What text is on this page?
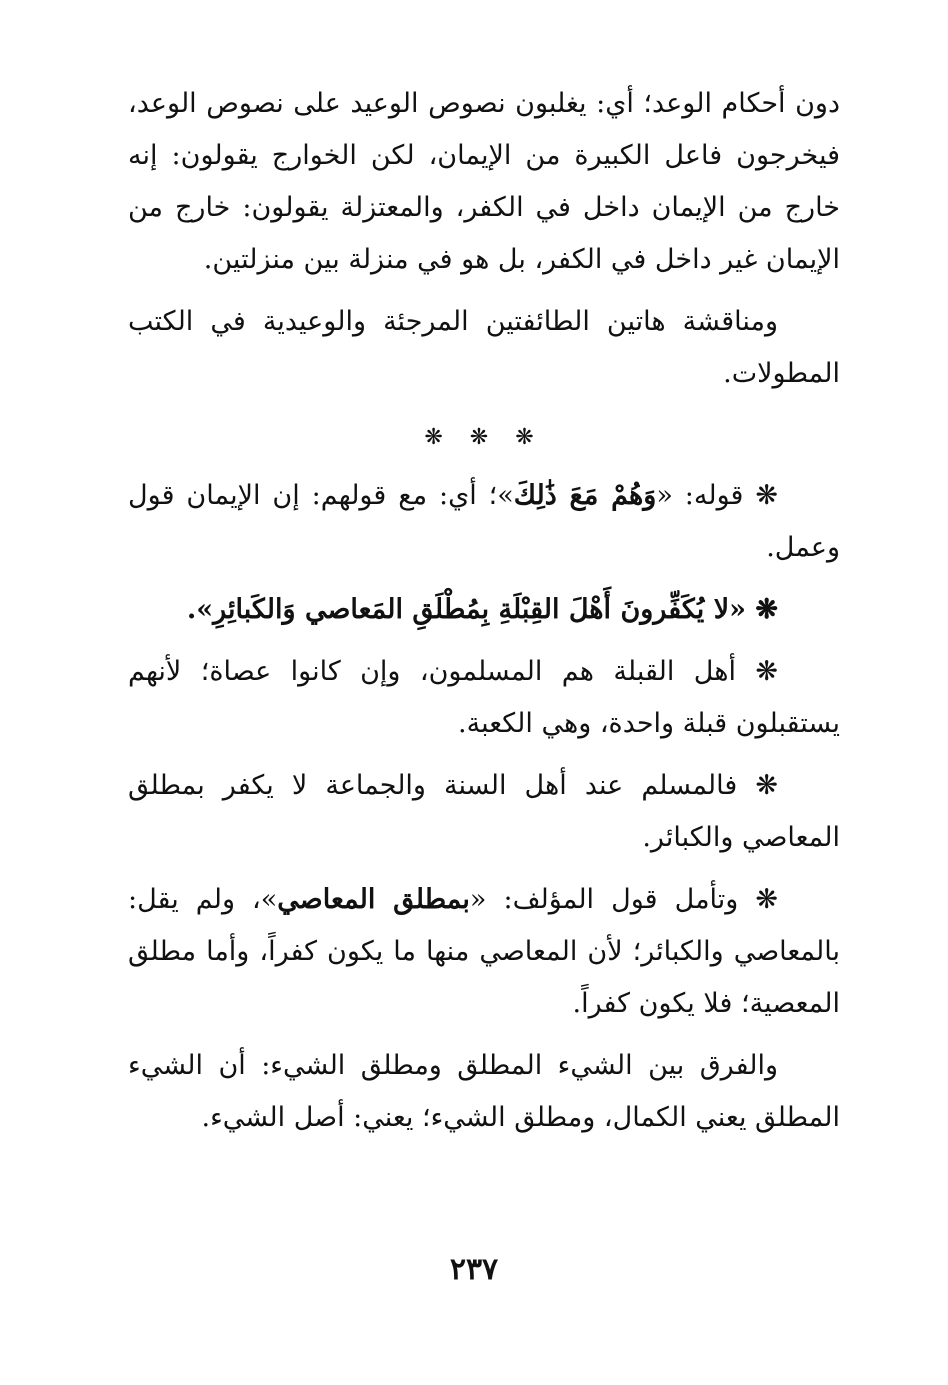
دون أحكام الوعد؛ أي: يغلبون نصوص الوعيد على نصوص الوعد، فيخرجون فاعل الكبيرة من الإيمان، لكن الخوارج يقولون: إنه خارج من الإيمان داخل في الكفر، والمعتزلة يقولون: خارج من الإيمان غير داخل في الكفر، بل هو في منزلة بين منزلتين.

ومناقشة هاتين الطائفتين المرجئة والوعيدية في الكتب المطولات.

❋ ❋ ❋

❋ قوله: «وَهُمْ مَعَ ذَٰلِكَ»؛ أي: مع قولهم: إن الإيمان قول وعمل.

❋ «لا يُكَفِّرونَ أَهْلَ القِبْلَةِ بِمُطْلَقِ المَعاصي وَالكَبائِرِ».

❋ أهل القبلة هم المسلمون، وإن كانوا عصاة؛ لأنهم يستقبلون قبلة واحدة، وهي الكعبة.

❋ فالمسلم عند أهل السنة والجماعة لا يكفر بمطلق المعاصي والكبائر.

❋ وتأمل قول المؤلف: «بمطلق المعاصي»، ولم يقل: بالمعاصي والكبائر؛ لأن المعاصي منها ما يكون كفراً، وأما مطلق المعصية؛ فلا يكون كفراً.

والفرق بين الشيء المطلق ومطلق الشيء: أن الشيء المطلق يعني الكمال، ومطلق الشيء؛ يعني: أصل الشيء.

٢٣٧
